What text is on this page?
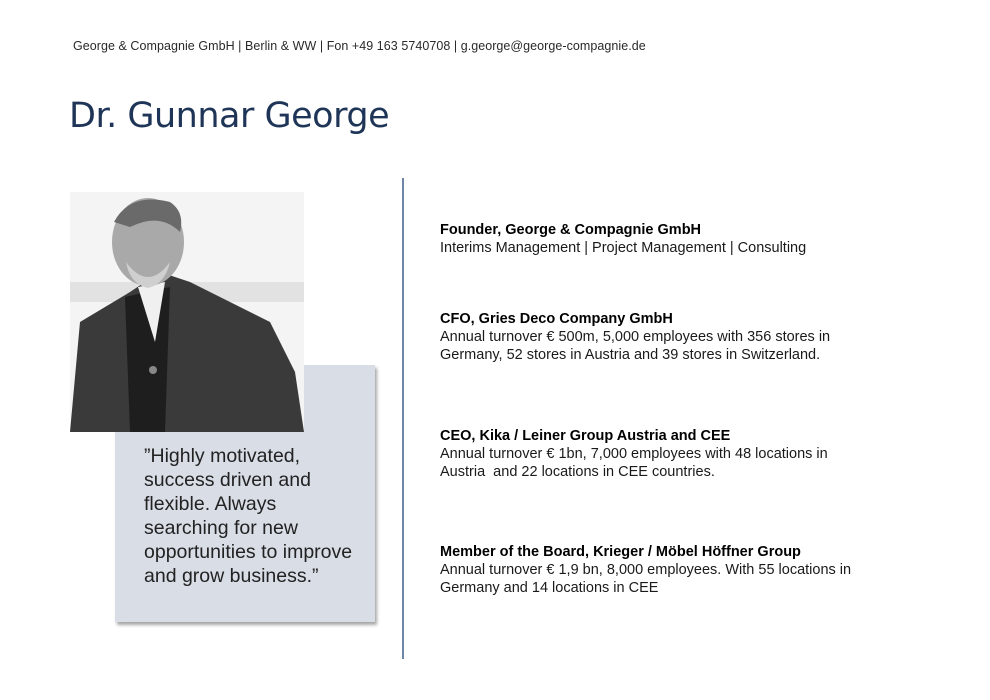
George & Compagnie GmbH | Berlin & WW | Fon +49 163 5740708 | g.george@george-compagnie.de
Dr. Gunnar George
”Highly motivated, success driven and flexible. Always searching for new opportunities to improve and grow business.”
Founder, George & Compagnie GmbH
Interims Management | Project Management | Consulting
CFO, Gries Deco Company GmbH
Annual turnover € 500m, 5,000 employees with 356 stores in
Germany, 52 stores in Austria and 39 stores in Switzerland.
CEO, Kika / Leiner Group Austria and CEE
Annual turnover € 1bn, 7,000 employees with 48 locations in
Austria  and 22 locations in CEE countries.
Member of the Board, Krieger / Möbel Höffner Group
Annual turnover € 1,9 bn, 8,000 employees. With 55 locations in
Germany and 14 locations in CEE
